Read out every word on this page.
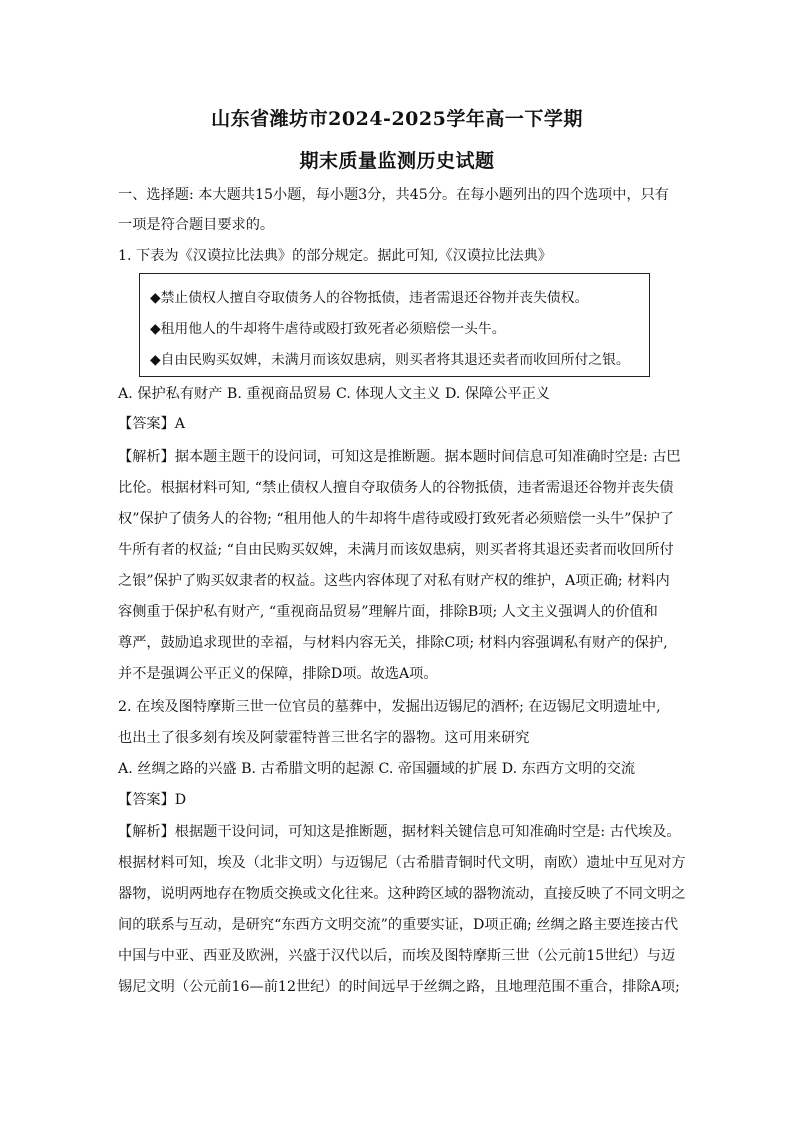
山东省潍坊市2024-2025学年高一下学期
期末质量监测历史试题
一、选择题: 本大题共15小题，每小题3分，共45分。在每小题列出的四个选项中，只有
一项是符合题目要求的。
1. 下表为《汉谟拉比法典》的部分规定。据此可知,《汉谟拉比法典》
◆禁止债权人擅自夺取债务人的谷物抵债，违者需退还谷物并丧失债权。
◆租用他人的牛却将牛虐待或殴打致死者必须赔偿一头牛。
◆自由民购买奴婢，未满月而该奴患病，则买者将其退还卖者而收回所付之银。
A. 保护私有财产 B. 重视商品贸易 C. 体现人文主义 D. 保障公平正义
【答案】A
【解析】据本题主题干的设问词，可知这是推断题。据本题时间信息可知准确时空是: 古巴
比伦。根据材料可知, “禁止债权人擅自夺取债务人的谷物抵债，违者需退还谷物并丧失债
权”保护了债务人的谷物; “租用他人的牛却将牛虐待或殴打致死者必须赔偿一头牛”保护了
牛所有者的权益; “自由民购买奴婢，未满月而该奴患病，则买者将其退还卖者而收回所付
之银”保护了购买奴隶者的权益。这些内容体现了对私有财产权的维护，A项正确; 材料内
容侧重于保护私有财产, “重视商品贸易”理解片面，排除B项; 人文主义强调人的价值和
尊严，鼓励追求现世的幸福，与材料内容无关，排除C项; 材料内容强调私有财产的保护,
并不是强调公平正义的保障，排除D项。故选A项。
2. 在埃及图特摩斯三世一位官员的墓葬中，发掘出迈锡尼的酒杯; 在迈锡尼文明遗址中,
也出土了很多刻有埃及阿蒙霍特普三世名字的器物。这可用来研究
A. 丝绸之路的兴盛 B. 古希腊文明的起源 C. 帝国疆域的扩展 D. 东西方文明的交流
【答案】D
【解析】根据题干设问词，可知这是推断题，据材料关键信息可知准确时空是: 古代埃及。
根据材料可知，埃及（北非文明）与迈锡尼（古希腊青铜时代文明，南欧）遗址中互见对方
器物，说明两地存在物质交换或文化往来。这种跨区域的器物流动，直接反映了不同文明之
间的联系与互动，是研究“东西方文明交流”的重要实证，D项正确; 丝绸之路主要连接古代
中国与中亚、西亚及欧洲，兴盛于汉代以后，而埃及图特摩斯三世（公元前15世纪）与迈
锡尼文明（公元前16—前12世纪）的时间远早于丝绸之路，且地理范围不重合，排除A项;
